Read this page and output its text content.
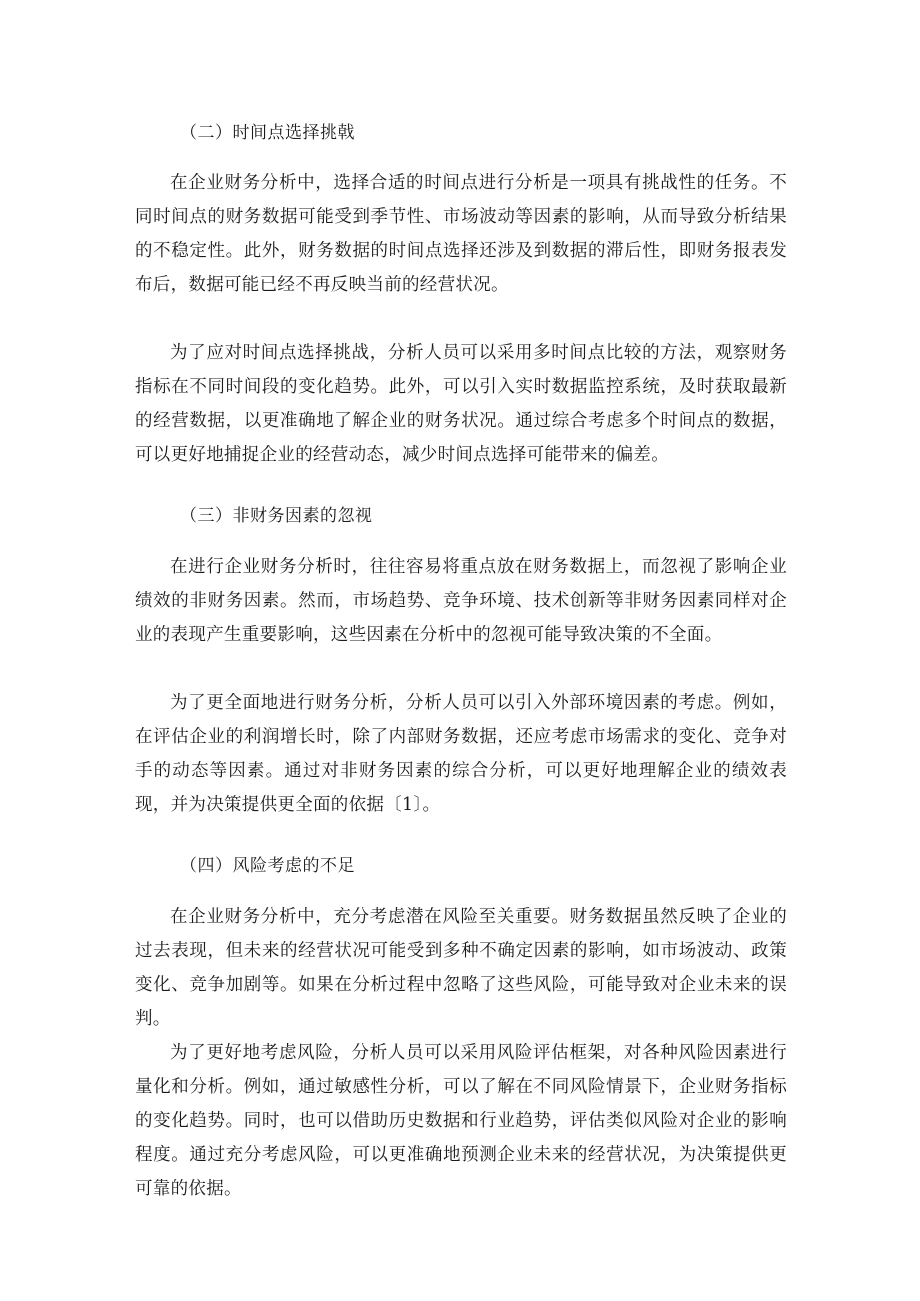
（二）时间点选择挑戟
在企业财务分析中，选择合适的时间点进行分析是一项具有挑战性的任务。不同时间点的财务数据可能受到季节性、市场波动等因素的影响，从而导致分析结果的不稳定性。此外，财务数据的时间点选择还涉及到数据的滞后性，即财务报表发布后，数据可能已经不再反映当前的经营状况。
为了应对时间点选择挑战，分析人员可以采用多时间点比较的方法，观察财务指标在不同时间段的变化趋势。此外，可以引入实时数据监控系统，及时获取最新的经营数据，以更准确地了解企业的财务状况。通过综合考虑多个时间点的数据，可以更好地捕捉企业的经营动态，减少时间点选择可能带来的偏差。
（三）非财务因素的忽视
在进行企业财务分析时，往往容易将重点放在财务数据上，而忽视了影响企业绩效的非财务因素。然而，市场趋势、竞争环境、技术创新等非财务因素同样对企业的表现产生重要影响，这些因素在分析中的忽视可能导致决策的不全面。
为了更全面地进行财务分析，分析人员可以引入外部环境因素的考虑。例如，在评估企业的利润增长时，除了内部财务数据，还应考虑市场需求的变化、竞争对手的动态等因素。通过对非财务因素的综合分析，可以更好地理解企业的绩效表现，并为决策提供更全面的依据〔1〕。
（四）风险考虑的不足
在企业财务分析中，充分考虑潜在风险至关重要。财务数据虽然反映了企业的过去表现，但未来的经营状况可能受到多种不确定因素的影响，如市场波动、政策变化、竞争加剧等。如果在分析过程中忽略了这些风险，可能导致对企业未来的误判。
为了更好地考虑风险，分析人员可以采用风险评估框架，对各种风险因素进行量化和分析。例如，通过敏感性分析，可以了解在不同风险情景下，企业财务指标的变化趋势。同时，也可以借助历史数据和行业趋势，评估类似风险对企业的影响程度。通过充分考虑风险，可以更准确地预测企业未来的经营状况，为决策提供更可靠的依据。
